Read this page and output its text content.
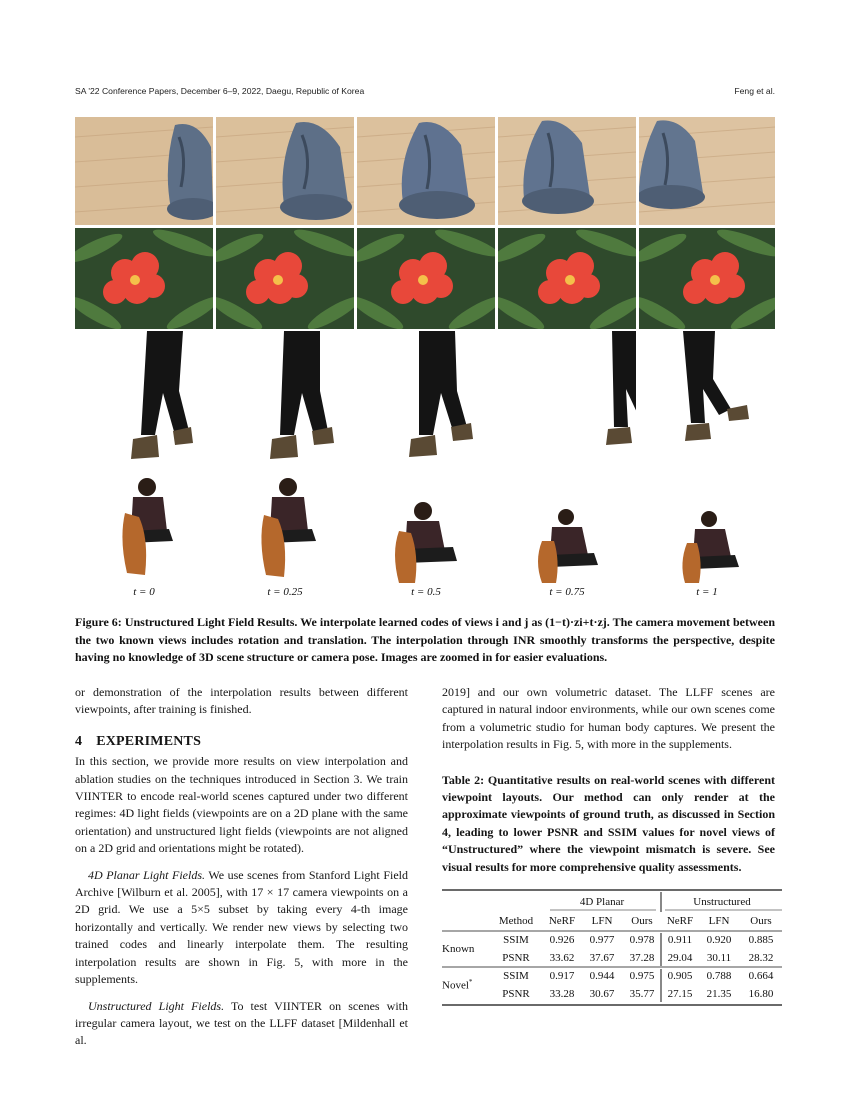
SA '22 Conference Papers, December 6–9, 2022, Daegu, Republic of Korea	Feng et al.
t = 0	t = 0.25	t = 0.5	t = 0.75	t = 1
Figure 6: Unstructured Light Field Results. We interpolate learned codes of views i and j as (1−t)·zi+t·zj. The camera movement between the two known views includes rotation and translation. The interpolation through INR smoothly transforms the perspective, despite having no knowledge of 3D scene structure or camera pose. Images are zoomed in for easier evaluations.

or demonstration of the interpolation results between different viewpoints, after training is finished.

4 EXPERIMENTS

In this section, we provide more results on view interpolation and ablation studies on the techniques introduced in Section 3. We train VIINTER to encode real-world scenes captured under two different regimes: 4D light fields (viewpoints are on a 2D plane with the same orientation) and unstructured light fields (viewpoints are not aligned on a 2D grid and orientations might be rotated).

4D Planar Light Fields. We use scenes from Stanford Light Field Archive [Wilburn et al. 2005], with 17 × 17 camera viewpoints on a 2D grid. We use a 5×5 subset by taking every 4-th image horizontally and vertically. We render new views by selecting two trained codes and linearly interpolate them. The resulting interpolation results are shown in Fig. 5, with more in the supplements.

Unstructured Light Fields. To test VIINTER on scenes with irregular camera layout, we test on the LLFF dataset [Mildenhall et al.

2019] and our own volumetric dataset. The LLFF scenes are captured in natural indoor environments, while our own scenes come from a volumetric studio for human body captures. We present the interpolation results in Fig. 5, with more in the supplements.

Table 2: Quantitative results on real-world scenes with different viewpoint layouts. Our method can only render at the approximate viewpoints of ground truth, as discussed in Section 4, leading to lower PSNR and SSIM values for novel views of “Unstructured” where the viewpoint mismatch is severe. See visual results for more comprehensive quality assessments.

		4D Planar			Unstructured		
	Method	NeRF	LFN	Ours	NeRF	LFN	Ours
Known	SSIM	0.926	0.977	0.978	0.911	0.920	0.885
	PSNR	33.62	37.67	37.28	29.04	30.11	28.32
Novel*	SSIM	0.917	0.944	0.975	0.905	0.788	0.664
	PSNR	33.28	30.67	35.77	27.15	21.35	16.80
